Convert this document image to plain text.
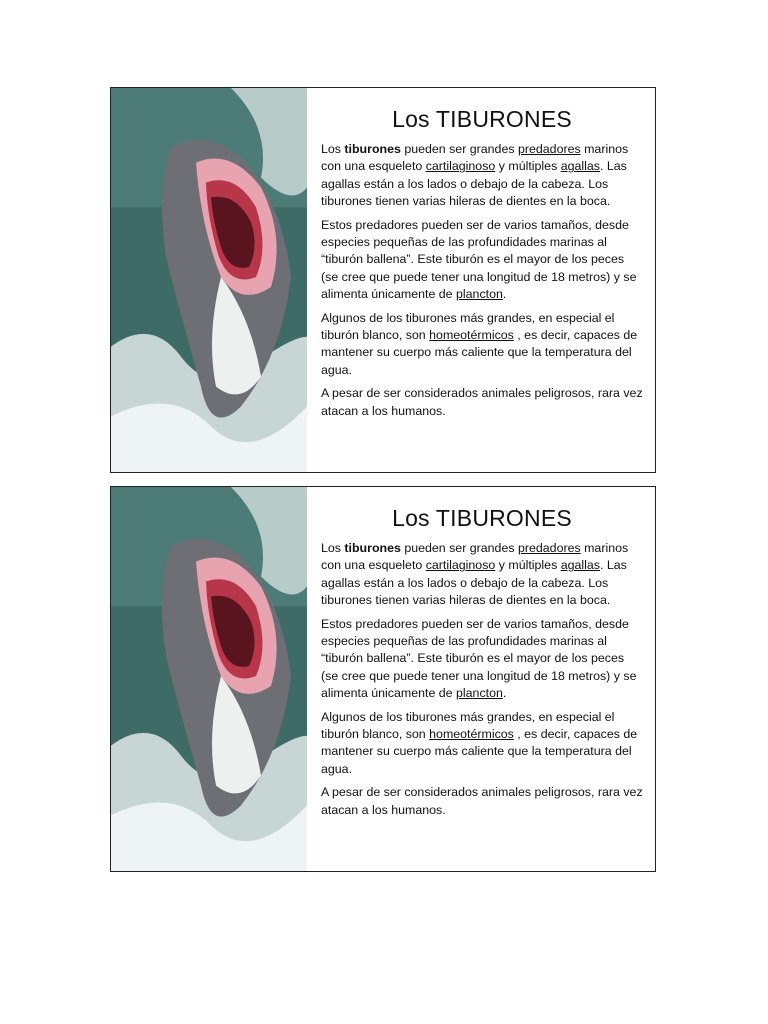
Los TIBURONES

Los tiburones pueden ser grandes predadores marinos con una esqueleto cartilaginoso y múltiples agallas. Las agallas están a los lados o debajo de la cabeza. Los tiburones tienen varias hileras de dientes en la boca.

Estos predadores pueden ser de varios tamaños, desde especies pequeñas de las profundidades marinas al “tiburón ballena”. Este tiburón es el mayor de los peces (se cree que puede tener una longitud de 18 metros) y se alimenta únicamente de plancton.

Algunos de los tiburones más grandes, en especial el tiburón blanco, son homeotérmicos , es decir, capaces de mantener su cuerpo más caliente que la temperatura del agua.

A pesar de ser considerados animales peligrosos, rara vez atacan a los humanos.

Los TIBURONES

Los tiburones pueden ser grandes predadores marinos con una esqueleto cartilaginoso y múltiples agallas. Las agallas están a los lados o debajo de la cabeza. Los tiburones tienen varias hileras de dientes en la boca.

Estos predadores pueden ser de varios tamaños, desde especies pequeñas de las profundidades marinas al “tiburón ballena”. Este tiburón es el mayor de los peces (se cree que puede tener una longitud de 18 metros) y se alimenta únicamente de plancton.

Algunos de los tiburones más grandes, en especial el tiburón blanco, son homeotérmicos , es decir, capaces de mantener su cuerpo más caliente que la temperatura del agua.

A pesar de ser considerados animales peligrosos, rara vez atacan a los humanos.
